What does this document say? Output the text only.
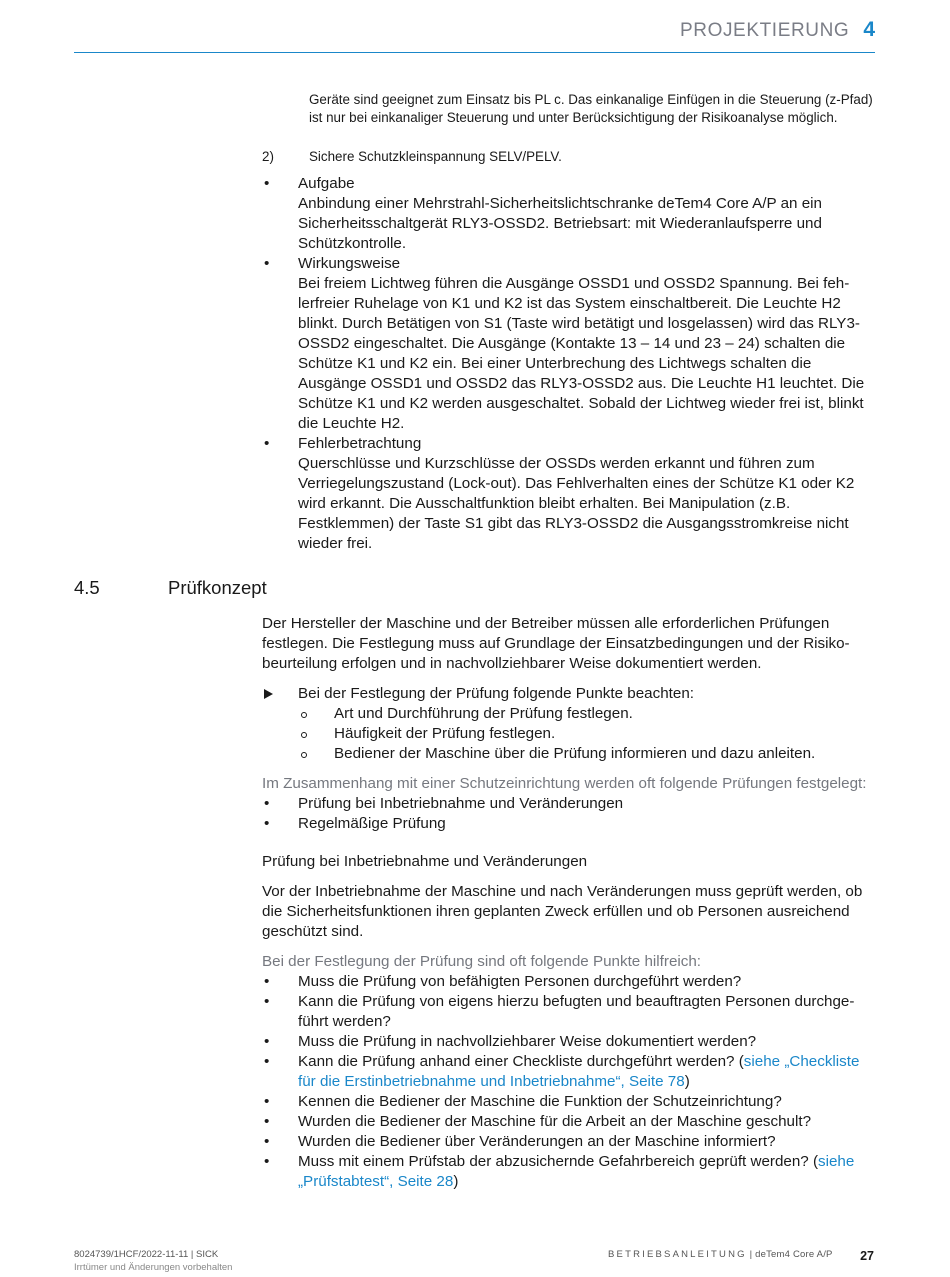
PROJEKTIERUNG 4

Geräte sind geeignet zum Einsatz bis PL c. Das einkanalige Einfügen in die Steuerung (z-Pfad) ist nur bei einkanaliger Steuerung und unter Berücksichtigung der Risikoanalyse möglich.

2)	Sichere Schutzkleinspannung SELV/PELV.
• Aufgabe
Anbindung einer Mehrstrahl-Sicherheitslichtschranke deTem4 Core A/P an ein Sicherheitsschaltgerät RLY3-OSSD2. Betriebsart: mit Wiederanlaufsperre und Schützkontrolle.
• Wirkungsweise
Bei freiem Lichtweg führen die Ausgänge OSSD1 und OSSD2 Spannung. Bei fehlerfreier Ruhelage von K1 und K2 ist das System einschaltbereit. Die Leuchte H2 blinkt. Durch Betätigen von S1 (Taste wird betätigt und losgelassen) wird das RLY3-OSSD2 eingeschaltet. Die Ausgänge (Kontakte 13 – 14 und 23 – 24) schalten die Schütze K1 und K2 ein. Bei einer Unterbrechung des Lichtwegs schalten die Ausgänge OSSD1 und OSSD2 das RLY3-OSSD2 aus. Die Leuchte H1 leuchtet. Die Schütze K1 und K2 werden ausgeschaltet. Sobald der Lichtweg wieder frei ist, blinkt die Leuchte H2.
• Fehlerbetrachtung
Querschlüsse und Kurzschlüsse der OSSDs werden erkannt und führen zum Verriegelungszustand (Lock-out). Das Fehlverhalten eines der Schütze K1 oder K2 wird erkannt. Die Ausschaltfunktion bleibt erhalten. Bei Manipulation (z.B. Festklemmen) der Taste S1 gibt das RLY3-OSSD2 die Ausgangsstromkreise nicht wieder frei.
4.5	Prüfkonzept

Der Hersteller der Maschine und der Betreiber müssen alle erforderlichen Prüfungen festlegen. Die Festlegung muss auf Grundlage der Einsatzbedingungen und der Risikobeurteilung erfolgen und in nachvollziehbarer Weise dokumentiert werden.

Bei der Festlegung der Prüfung folgende Punkte beachten:
Art und Durchführung der Prüfung festlegen.
Häufigkeit der Prüfung festlegen.
Bediener der Maschine über die Prüfung informieren und dazu anleiten.

Im Zusammenhang mit einer Schutzeinrichtung werden oft folgende Prüfungen festgelegt:

• Prüfung bei Inbetriebnahme und Veränderungen
• Regelmäßige Prüfung

Prüfung bei Inbetriebnahme und Veränderungen

Vor der Inbetriebnahme der Maschine und nach Veränderungen muss geprüft werden, ob die Sicherheitsfunktionen ihren geplanten Zweck erfüllen und ob Personen ausreichend geschützt sind.

Bei der Festlegung der Prüfung sind oft folgende Punkte hilfreich:

• Muss die Prüfung von befähigten Personen durchgeführt werden?
• Kann die Prüfung von eigens hierzu befugten und beauftragten Personen durchgeführt werden?
• Muss die Prüfung in nachvollziehbarer Weise dokumentiert werden?
• Kann die Prüfung anhand einer Checkliste durchgeführt werden? (siehe „Checkliste für die Erstinbetriebnahme und Inbetriebnahme“, Seite 78)
• Kennen die Bediener der Maschine die Funktion der Schutzeinrichtung?
• Wurden die Bediener der Maschine für die Arbeit an der Maschine geschult?
• Wurden die Bediener über Veränderungen an der Maschine informiert?
• Muss mit einem Prüfstab der abzusichernde Gefahrbereich geprüft werden? (siehe „Prüfstabtest“, Seite 28)
8024739/1HCF/2022-11-11 | SICK
Irrtümer und Änderungen vorbehalten
BETRIEBSANLEITUNG | deTem4 Core A/P 27
